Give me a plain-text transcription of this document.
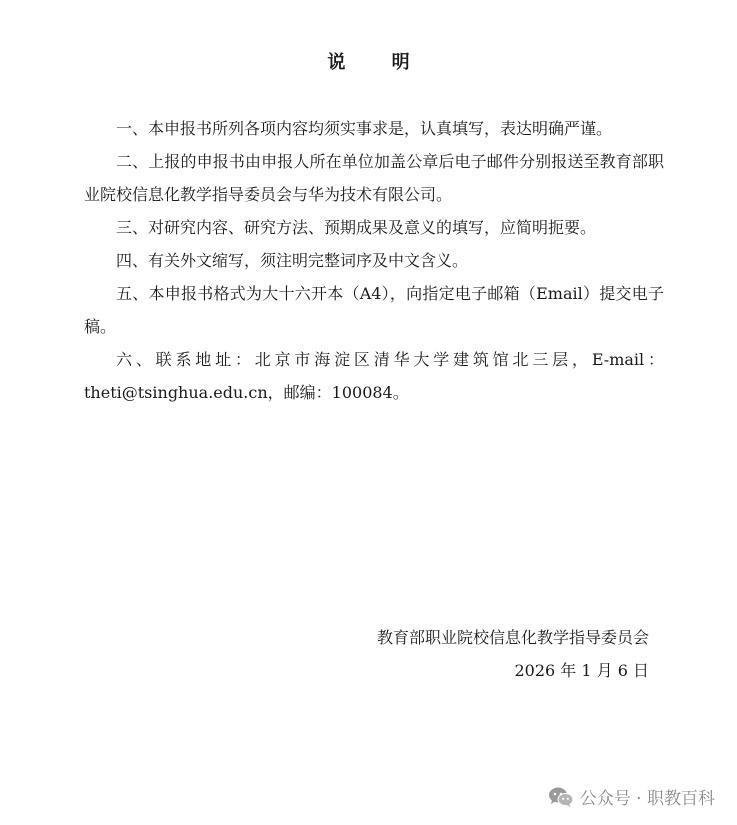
说 明

一、本申报书所列各项内容均须实事求是，认真填写，表达明确严谨。

二、上报的申报书由申报人所在单位加盖公章后电子邮件分别报送至教育部职业院校信息化教学指导委员会与华为技术有限公司。

三、对研究内容、研究方法、预期成果及意义的填写，应简明扼要。

四、有关外文缩写，须注明完整词序及中文含义。

五、本申报书格式为大十六开本（A4），向指定电子邮箱（Email）提交电子稿。

六、联系地址：北京市海淀区清华大学建筑馆北三层，E-mail：theti@tsinghua.edu.cn，邮编：100084。

教育部职业院校信息化教学指导委员会
2026 年 1 月 6 日
公众号 · 职教百科
